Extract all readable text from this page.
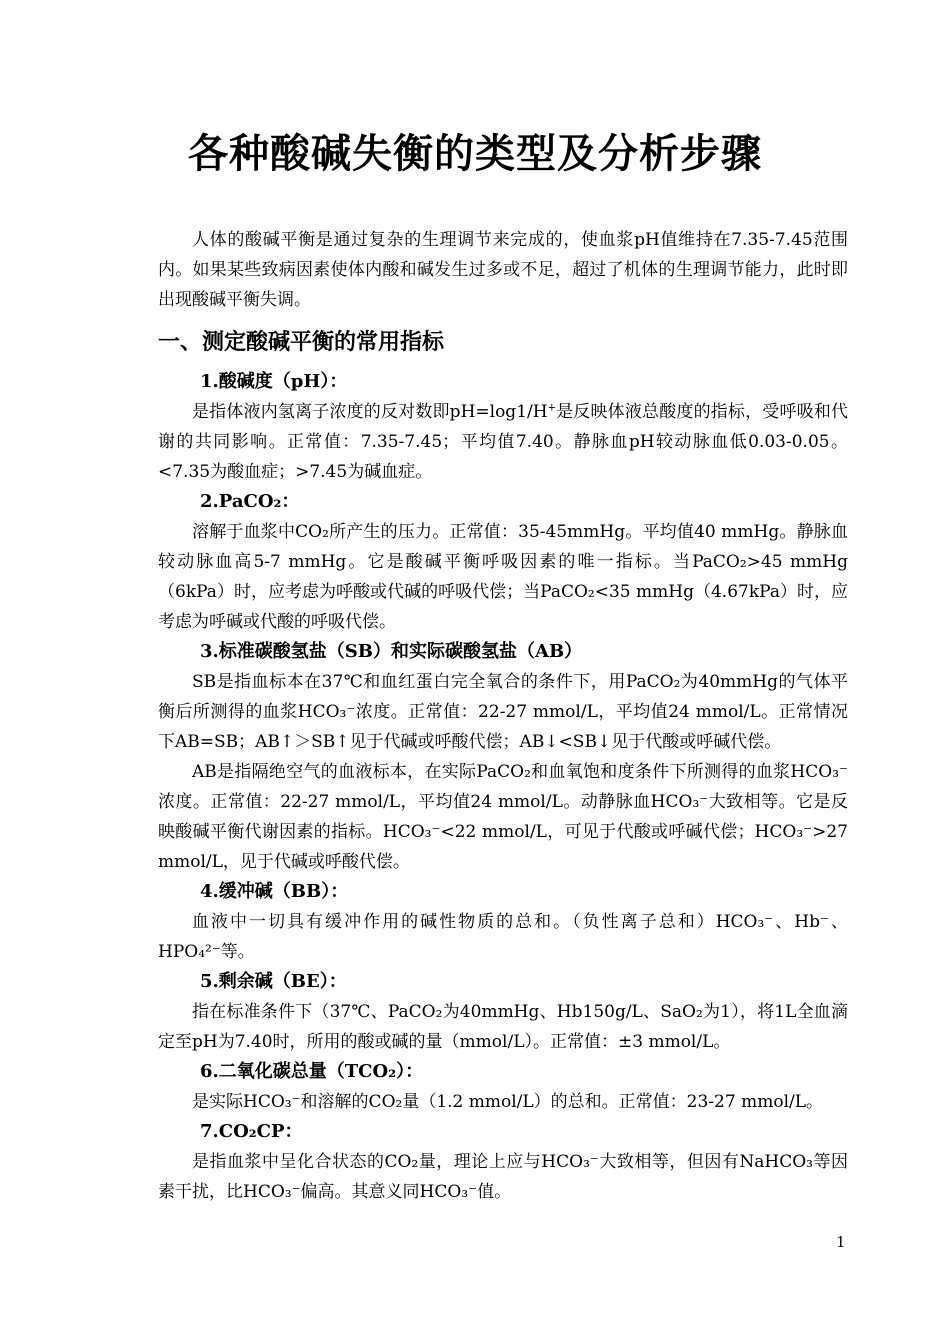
各种酸碱失衡的类型及分析步骤

人体的酸碱平衡是通过复杂的生理调节来完成的，使血浆pH值维持在7.35-7.45范围内。如果某些致病因素使体内酸和碱发生过多或不足，超过了机体的生理调节能力，此时即出现酸碱平衡失调。

一、测定酸碱平衡的常用指标
1.酸碱度（pH）：

是指体液内氢离子浓度的反对数即pH=log1/H+是反映体液总酸度的指标，受呼吸和代谢的共同影响。正常值：7.35-7.45；平均值7.40。静脉血pH较动脉血低0.03-0.05。<7.35为酸血症；>7.45为碱血症。

2.PaCO₂：

溶解于血浆中CO₂所产生的压力。正常值：35-45mmHg。平均值40 mmHg。静脉血较动脉血高5-7 mmHg。它是酸碱平衡呼吸因素的唯一指标。当PaCO₂>45 mmHg（6kPa）时，应考虑为呼酸或代碱的呼吸代偿；当PaCO₂<35 mmHg（4.67kPa）时，应考虑为呼碱或代酸的呼吸代偿。

3.标准碳酸氢盐（SB）和实际碳酸氢盐（AB）

SB是指血标本在37℃和血红蛋白完全氧合的条件下，用PaCO₂为40mmHg的气体平衡后所测得的血浆HCO₃⁻浓度。正常值：22-27 mmol/L，平均值24 mmol/L。正常情况下AB=SB；AB↑＞SB↑见于代碱或呼酸代偿；AB↓<SB↓见于代酸或呼碱代偿。

AB是指隔绝空气的血液标本，在实际PaCO₂和血氧饱和度条件下所测得的血浆HCO₃⁻浓度。正常值：22-27 mmol/L，平均值24 mmol/L。动静脉血HCO₃⁻大致相等。它是反映酸碱平衡代谢因素的指标。HCO₃⁻<22 mmol/L，可见于代酸或呼碱代偿；HCO₃⁻>27 mmol/L，见于代碱或呼酸代偿。

4.缓冲碱（BB）：

血液中一切具有缓冲作用的碱性物质的总和。（负性离子总和）HCO₃⁻、Hb⁻、HPO₄²⁻等。

5.剩余碱（BE）：

指在标准条件下（37℃、PaCO₂为40mmHg、Hb150g/L、SaO₂为1），将1L全血滴定至pH为7.40时，所用的酸或碱的量（mmol/L）。正常值：±3 mmol/L。

6.二氧化碳总量（TCO₂）：

是实际HCO₃⁻和溶解的CO₂量（1.2 mmol/L）的总和。正常值：23-27 mmol/L。

7.CO₂CP：

是指血浆中呈化合状态的CO₂量，理论上应与HCO₃⁻大致相等，但因有NaHCO₃等因素干扰，比HCO₃⁻偏高。其意义同HCO₃⁻值。

1
